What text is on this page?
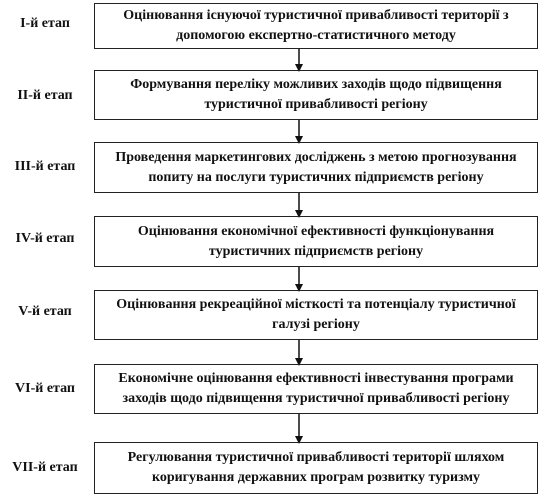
І-й етап
Оцінювання існуючої туристичної привабливості території з допомогою експертно-статистичного методу
ІІ-й етап
Формування переліку можливих заходів щодо підвищення туристичної привабливості регіону
ІІІ-й етап
Проведення маркетингових досліджень з метою прогнозування попиту на послуги туристичних підприємств регіону
ІV-й етап	Оцінювання економічної ефективності функціонування туристичних підприємств регіону
V-й етап	Оцінювання рекреаційної місткості та потенціалу туристичної галузі регіону
VІ-й етап
Економічне оцінювання ефективності інвестування програми заходів щодо підвищення туристичної привабливості регіону
VІІ-й етап
Регулювання туристичної привабливості території шляхом коригування державних програм розвитку туризму
